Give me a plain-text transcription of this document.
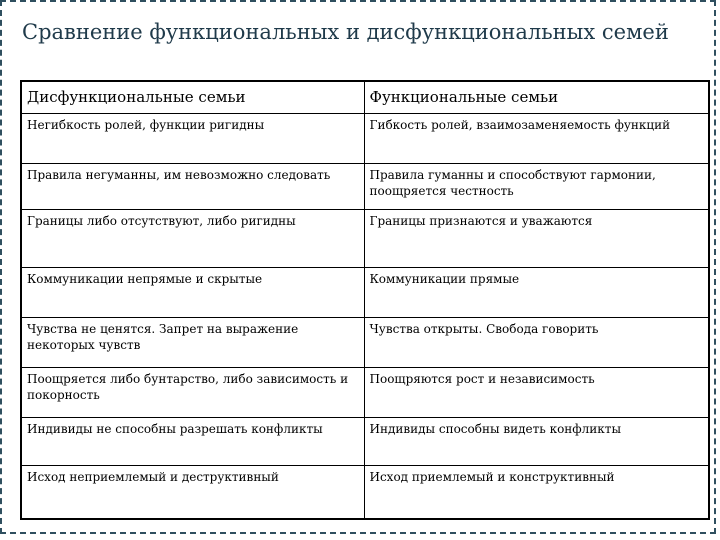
Сравнение функциональных и дисфункциональных семей
Дисфункциональные семьи	Функциональные семьи
Негибкость ролей, функции ригидны	Гибкость ролей, взаимозаменяемость функций
Правила негуманны, им невозможно следовать	Правила гуманны и способствуют гармонии, поощряется честность
Границы либо отсутствуют, либо ригидны	Границы признаются и уважаются
Коммуникации непрямые и скрытые	Коммуникации прямые
Чувства не ценятся. Запрет на выражение некоторых чувств	Чувства открыты. Свобода говорить
Поощряется либо бунтарство, либо зависимость и покорность	Поощряются рост и независимость
Индивиды не способны разрешать конфликты	Индивиды способны видеть конфликты
Исход неприемлемый и деструктивный	Исход приемлемый и конструктивный
